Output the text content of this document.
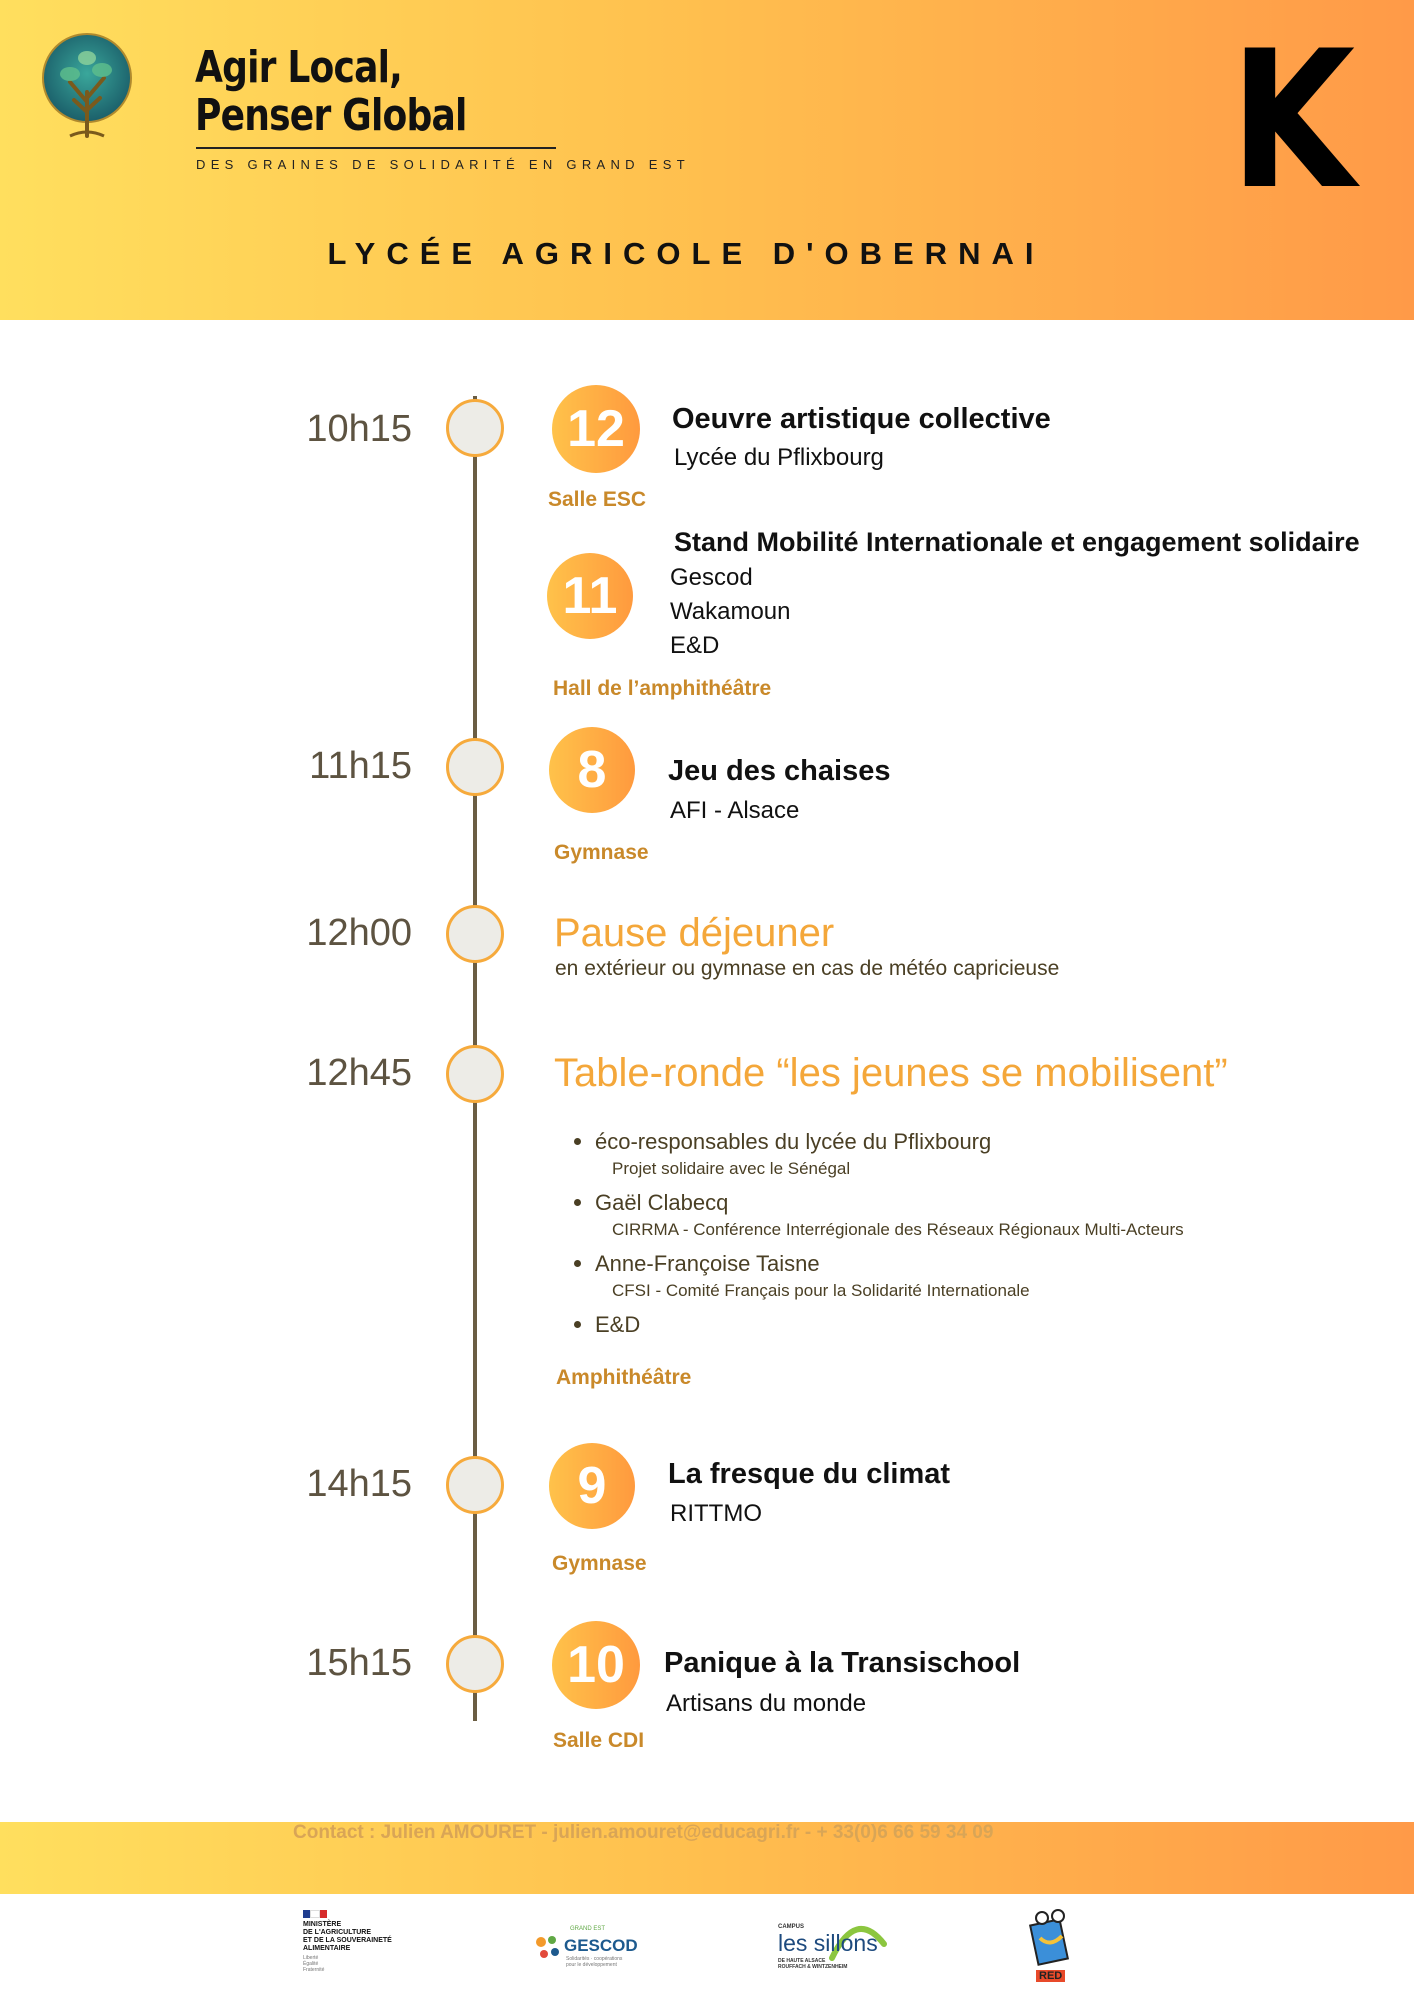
Agir Local,
Penser Global
DES GRAINES DE SOLIDARITÉ EN GRAND EST	K
LYCÉE AGRICOLE D'OBERNAI
10h15	12	Oeuvre artistique collective
Lycée du Pflixbourg
Salle ESC
Stand Mobilité Internationale et engagement solidaire
11	Gescod
Wakamoun
E&D
Hall de l’amphithéâtre
11h15	8	Jeu des chaises
AFI - Alsace
Gymnase
12h00	Pause déjeuner
en extérieur ou gymnase en cas de météo capricieuse
12h45	Table-ronde “les jeunes se mobilisent”
éco-responsables du lycée du Pflixbourg
Projet solidaire avec le Sénégal
Gaël Clabecq
CIRRMA - Conférence Interrégionale des Réseaux Régionaux Multi-Acteurs
Anne-Françoise Taisne
CFSI - Comité Français pour la Solidarité Internationale
E&D
Amphithéâtre
14h15	9	La fresque du climat
RITTMO
Gymnase
15h15	10	Panique à la Transischool
Artisans du monde
Salle CDI
Contact : Julien AMOURET - julien.amouret@educagri.fr - + 33(0)6 66 59 34 09
MINISTÈRE
DE L'AGRICULTURE
ET DE LA SOUVERAINETÉ
ALIMENTAIRE
Liberté
Égalité
Fraternité
GRAND EST
GESCOD
Solidarités · coopérations
pour le développement
CAMPUS
les sillons
DE HAUTE ALSACE
ROUFFACH & WINTZENHEIM
RED
